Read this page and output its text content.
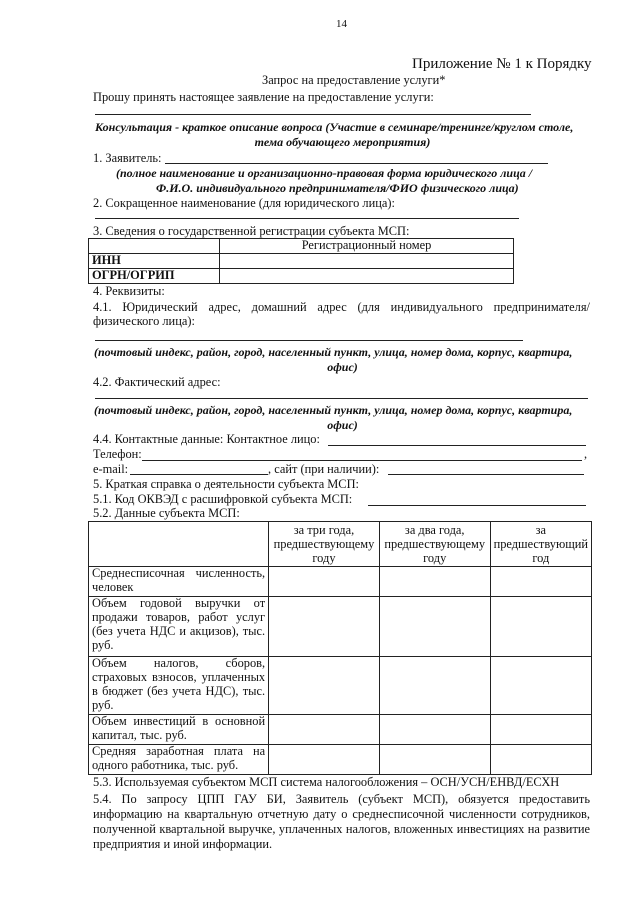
14
Приложение № 1 к Порядку
Запрос на предоставление услуги*
Прошу принять настоящее заявление на предоставление услуги:
Консультация - краткое описание вопроса (Участие в семинаре/тренинге/круглом столе,
тема обучающего мероприятия)
1. Заявитель:
(полное наименование и организационно-правовая форма юридического лица /
Ф.И.О. индивидуального предпринимателя/ФИО физического лица)
2. Сокращенное наименование (для юридического лица):
3. Сведения о государственной регистрации субъекта МСП:
	Регистрационный номер
ИНН	
ОГРН/ОГРИП	
4. Реквизиты:
4.1. Юридический адрес, домашний адрес (для индивидуального предпринимателя/ физического лица):
(почтовый индекс, район, город, населенный пункт, улица, номер дома, корпус, квартира,
офис)
4.2. Фактический адрес:
(почтовый индекс, район, город, населенный пункт, улица, номер дома, корпус, квартира,
офис)
4.4. Контактные данные: Контактное лицо:
Телефон:	,
e-mail:	, сайт (при наличии):
5. Краткая справка о деятельности субъекта МСП:
5.1. Код ОКВЭД с расшифровкой субъекта МСП:
5.2. Данные субъекта МСП:
	за три года, предшествующему году	за два года, предшествующему году	за предшествующий год
Среднесписочная численность, человек			
Объем годовой выручки от продажи товаров, работ услуг (без учета НДС и акцизов), тыс. руб.			
Объем налогов, сборов, страховых взносов, уплаченных в бюджет (без учета НДС), тыс. руб.			
Объем инвестиций в основной капитал, тыс. руб.			
Средняя заработная плата на одного работника, тыс. руб.			
5.3. Используемая субъектом МСП система налогообложения – ОСН/УСН/ЕНВД/ЕСХН
5.4. По запросу ЦПП ГАУ БИ, Заявитель (субъект МСП), обязуется предоставить информацию на квартальную отчетную дату о среднесписочной численности сотрудников, полученной квартальной выручке, уплаченных налогов, вложенных инвестициях на развитие предприятия и иной информации.
